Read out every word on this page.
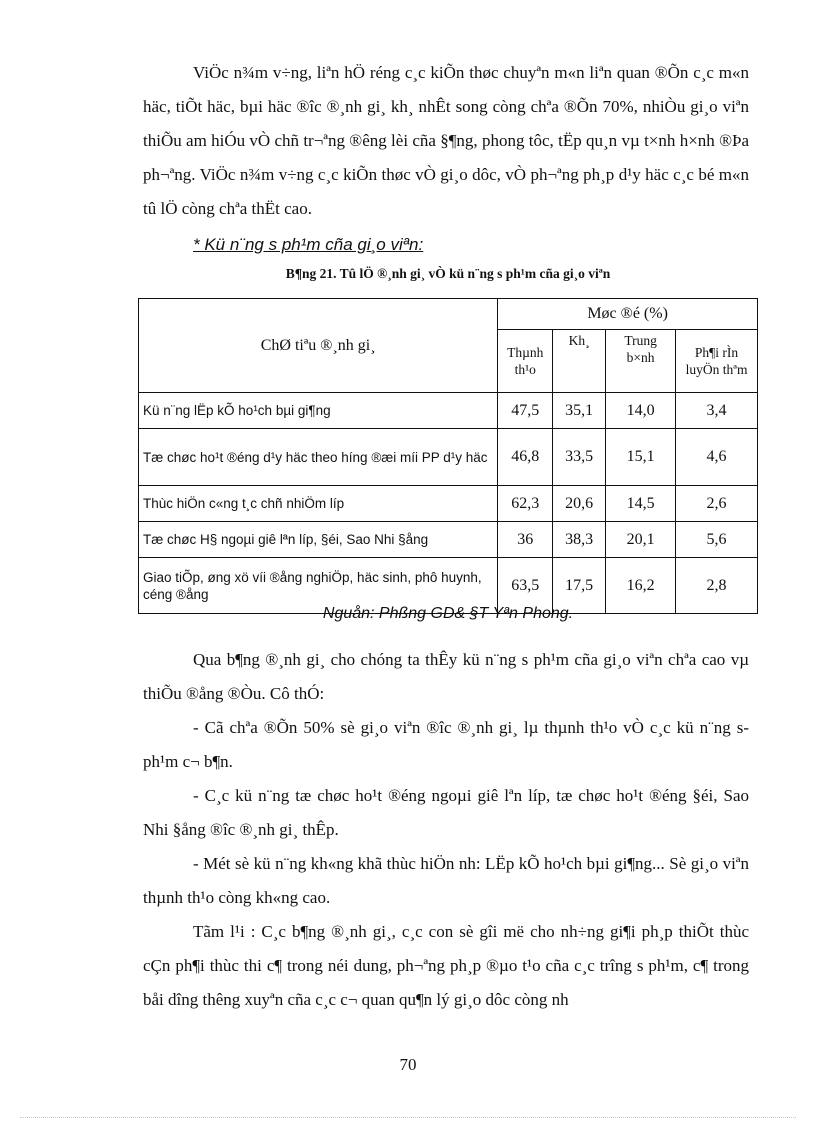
ViÖc n¾m v÷ng, liªn hÖ réng c¸c kiÕn thøc chuyªn m«n liªn quan ®Õn c¸c m«n häc, tiÕt häc, bµi häc ®îc ®¸nh gi¸ kh¸ nhÊt song còng chªa ®Õn 70%, nhiÒu gi¸o viªn thiÕu am hiÓu vÒ chñ tr¬ªng ®êng lèi cña §¶ng, phong tôc, tËp qu¸n vµ t×nh h×nh ®Þa ph¬ªng. ViÖc n¾m v÷ng c¸c kiÕn thøc vÒ gi¸o dôc, vÒ ph¬ªng ph¸p d¹y häc c¸c bé m«n tû lÖ còng chªa thËt cao.

* Kü n¨ng s ph¹m cña gi¸o viªn:
B¶ng 21. Tû lÖ ®¸nh gi¸ vÒ kü n¨ng s ph¹m cña gi¸o viªn
ChØ tiªu ®¸nh gi¸	Møc ®é (%)			
	Thµnh th¹o	Kh¸	Trung b×nh	Ph¶i rÌn luyÖn thªm
Kü n¨ng lËp kÕ ho¹ch bµi gi¶ng	47,5	35,1	14,0	3,4
Tæ chøc ho¹t ®éng d¹y häc theo híng ®æi míi PP d¹y häc	46,8	33,5	15,1	4,6
Thùc hiÖn c«ng t¸c chñ nhiÖm líp	62,3	20,6	14,5	2,6
Tæ chøc H§ ngoµi giê lªn líp, §éi, Sao Nhi §ång	36	38,3	20,1	5,6
Giao tiÕp, øng xö víi ®ång nghiÖp, häc sinh, phô huynh, céng ®ång	63,5	17,5	16,2	2,8
Nguån: Phßng GD& §T Yªn Phong.

Qua b¶ng ®¸nh gi¸ cho chóng ta thÊy kü n¨ng s ph¹m cña gi¸o viªn chªa cao vµ thiÕu ®ång ®Òu. Cô thÓ:

- Cã chªa ®Õn 50% sè gi¸o viªn ®îc ®¸nh gi¸ lµ thµnh th¹o vÒ c¸c kü n¨ng s ph¹m c¬ b¶n.

- C¸c kü n¨ng tæ chøc ho¹t ®éng ngoµi giê lªn líp, tæ chøc ho¹t ®éng §éi, Sao Nhi §ång ®îc ®¸nh gi¸ thÊp.

- Mét sè kü n¨ng kh«ng khã thùc hiÖn nh: LËp kÕ ho¹ch bµi gi¶ng... Sè gi¸o viªn thµnh th¹o còng kh«ng cao.

Tãm l¹i : C¸c b¶ng ®¸nh gi¸, c¸c con sè gîi më cho nh÷ng gi¶i ph¸p thiÕt thùc cÇn ph¶i thùc thi c¶ trong néi dung, ph¬ªng ph¸p ®µo t¹o cña c¸c trîng s ph¹m, c¶ trong båi dîng thêng xuyªn cña c¸c c¬ quan qu¶n lý gi¸o dôc còng nh

70
